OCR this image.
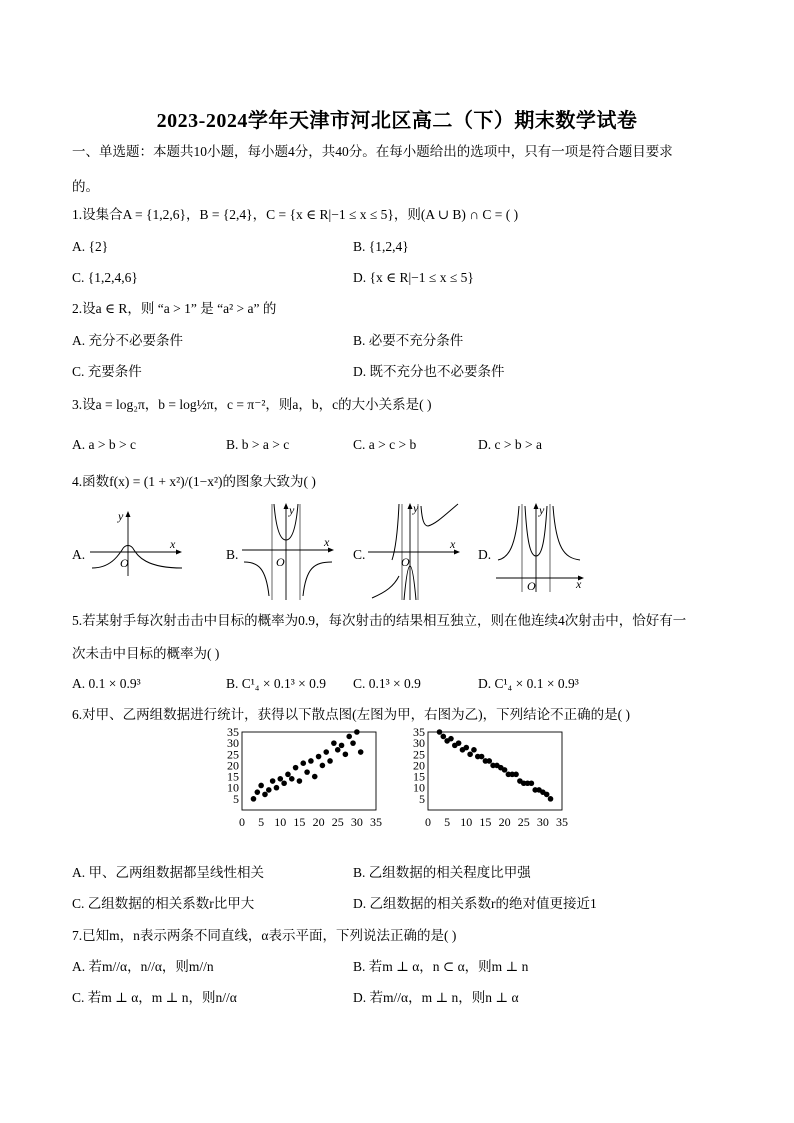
2023-2024学年天津市河北区高二（下）期末数学试卷
一、单选题：本题共10小题，每小题4分，共40分。在每小题给出的选项中，只有一项是符合题目要求
的。
1.设集合A = {1,2,6}，B = {2,4}，C = {x ∈ R|−1 ≤ x ≤ 5}，则(A ∪ B) ∩ C = ( )
A. {2}	B. {1,2,4}
C. {1,2,4,6}	D. {x ∈ R|−1 ≤ x ≤ 5}
2.设a ∈ R，则 “a > 1” 是 “a² > a” 的
A. 充分不必要条件	B. 必要不充分条件
C. 充要条件	D. 既不充分也不必要条件
3.设a = log₂π，b = log½π，c = π⁻²，则a，b，c的大小关系是( )
A. a > b > c	B. b > a > c	C. a > c > b	D. c > b > a
4.函数f(x) = (1 + x²)/(1−x²)的图象大致为( )
A.
y
x
O
B.
y
x
O	C.
y
x
O	D.
y
x
O
5.若某射手每次射击击中目标的概率为0.9，每次射击的结果相互独立，则在他连续4次射击中，恰好有一
次未击中目标的概率为( )
A. 0.1 × 0.9³	B. C¹₄ × 0.1³ × 0.9 C. 0.1³ × 0.9	D. C¹₄ × 0.1 × 0.9³
6.对甲、乙两组数据进行统计，获得以下散点图(左图为甲，右图为乙)，下列结论不正确的是( )
5
10
15
20
25
30
35
0 5 10 15 20 25 30 35
5
10
15
20
25
30
35
0 5 10 15 20 25 30 35
A. 甲、乙两组数据都呈线性相关	B. 乙组数据的相关程度比甲强
C. 乙组数据的相关系数r比甲大	D. 乙组数据的相关系数r的绝对值更接近1
7.已知m，n表示两条不同直线，α表示平面，下列说法正确的是( )
A. 若m//α，n//α，则m//n	B. 若m ⊥ α，n ⊂ α，则m ⊥ n
C. 若m ⊥ α，m ⊥ n，则n//α	D. 若m//α，m ⊥ n，则n ⊥ α
